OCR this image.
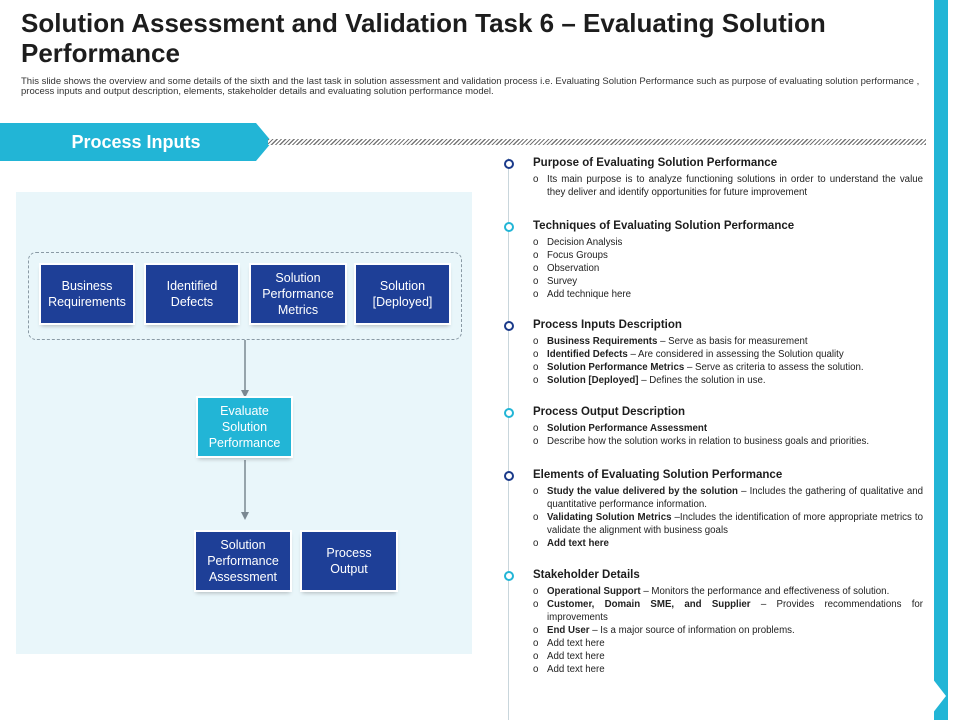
Solution Assessment and Validation Task 6 – Evaluating Solution Performance

This slide shows the overview and some details of the sixth and the last task in solution assessment and validation process i.e. Evaluating Solution Performance such as purpose of evaluating solution performance , process inputs and output description, elements, stakeholder details and evaluating solution performance model.

Process Inputs
Business
Requirements
Identified
Defects
Solution
Performance
Metrics
Solution
[Deployed]
Evaluate
Solution
Performance
Solution
Performance
Assessment
Process
Output
Purpose of Evaluating Solution Performance
o Its main purpose is to analyze functioning solutions in order to understand the value they deliver and identify opportunities for future improvement
Techniques of Evaluating Solution Performance
o Decision Analysis
o Focus Groups
o Observation
o Survey
o Add technique here
Process Inputs Description
o Business Requirements – Serve as basis for measurement
o Identified Defects – Are considered in assessing the Solution quality
o Solution Performance Metrics – Serve as criteria to assess the solution.
o Solution [Deployed] – Defines the solution in use.
Process Output Description
o Solution Performance Assessment
o Describe how the solution works in relation to business goals and priorities.
Elements of Evaluating Solution Performance
o Study the value delivered by the solution – Includes the gathering of qualitative and quantitative performance information.
o Validating Solution Metrics –Includes the identification of more appropriate metrics to validate the alignment with business goals
o Add text here
Stakeholder Details
o Operational Support – Monitors the performance and effectiveness of solution.
o Customer, Domain SME, and Supplier – Provides recommendations for improvements
o End User – Is a major source of information on problems.
o Add text here
o Add text here
o Add text here
